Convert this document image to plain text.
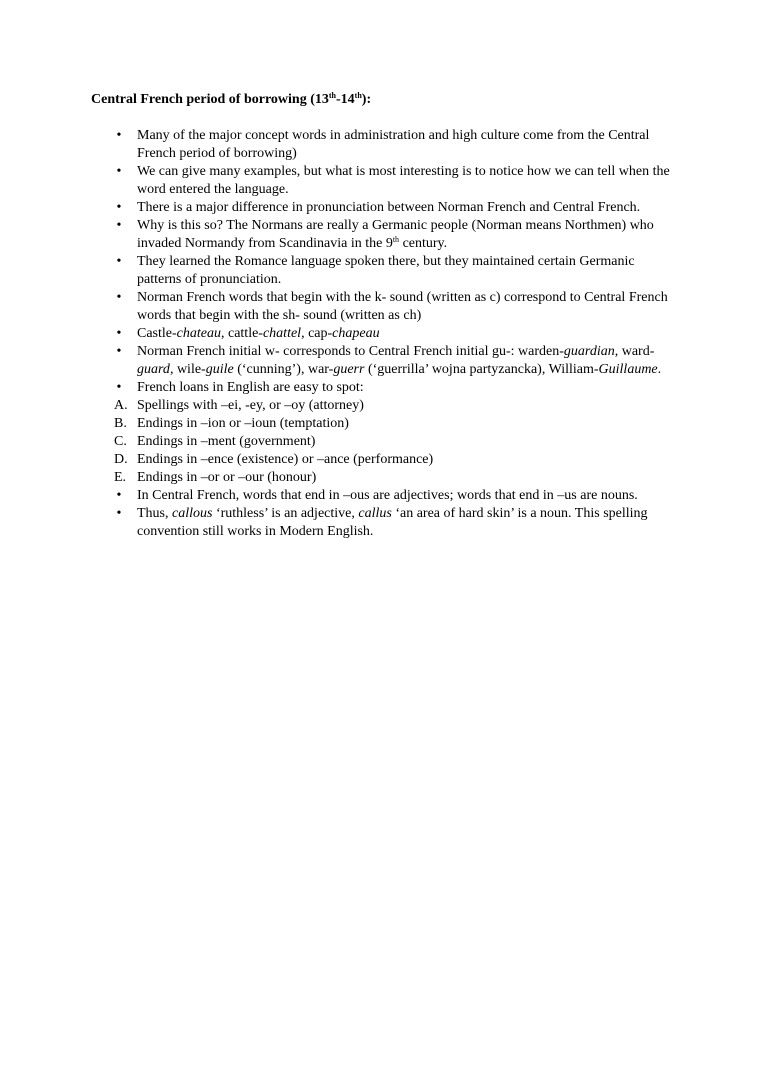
Central French period of borrowing (13th-14th):

• Many of the major concept words in administration and high culture come from the Central French period of borrowing)
• We can give many examples, but what is most interesting is to notice how we can tell when the word entered the language.
• There is a major difference in pronunciation between Norman French and Central French.
• Why is this so? The Normans are really a Germanic people (Norman means Northmen) who invaded Normandy from Scandinavia in the 9th century.
• They learned the Romance language spoken there, but they maintained certain Germanic patterns of pronunciation.
• Norman French words that begin with the k- sound (written as c) correspond to Central French words that begin with the sh- sound (written as ch)
• Castle-chateau, cattle-chattel, cap-chapeau
• Norman French initial w- corresponds to Central French initial gu-: warden-guardian, ward-guard, wile-guile (‘cunning’), war-guerr (‘guerrilla’ wojna partyzancka), William-Guillaume.
• French loans in English are easy to spot:
A. Spellings with –ei, -ey, or –oy (attorney)
B. Endings in –ion or –ioun (temptation)
C. Endings in –ment (government)
D. Endings in –ence (existence) or –ance (performance)
E. Endings in –or or –our (honour)
• In Central French, words that end in –ous are adjectives; words that end in –us are nouns.
• Thus, callous ‘ruthless’ is an adjective, callus ‘an area of hard skin’ is a noun. This spelling convention still works in Modern English.
